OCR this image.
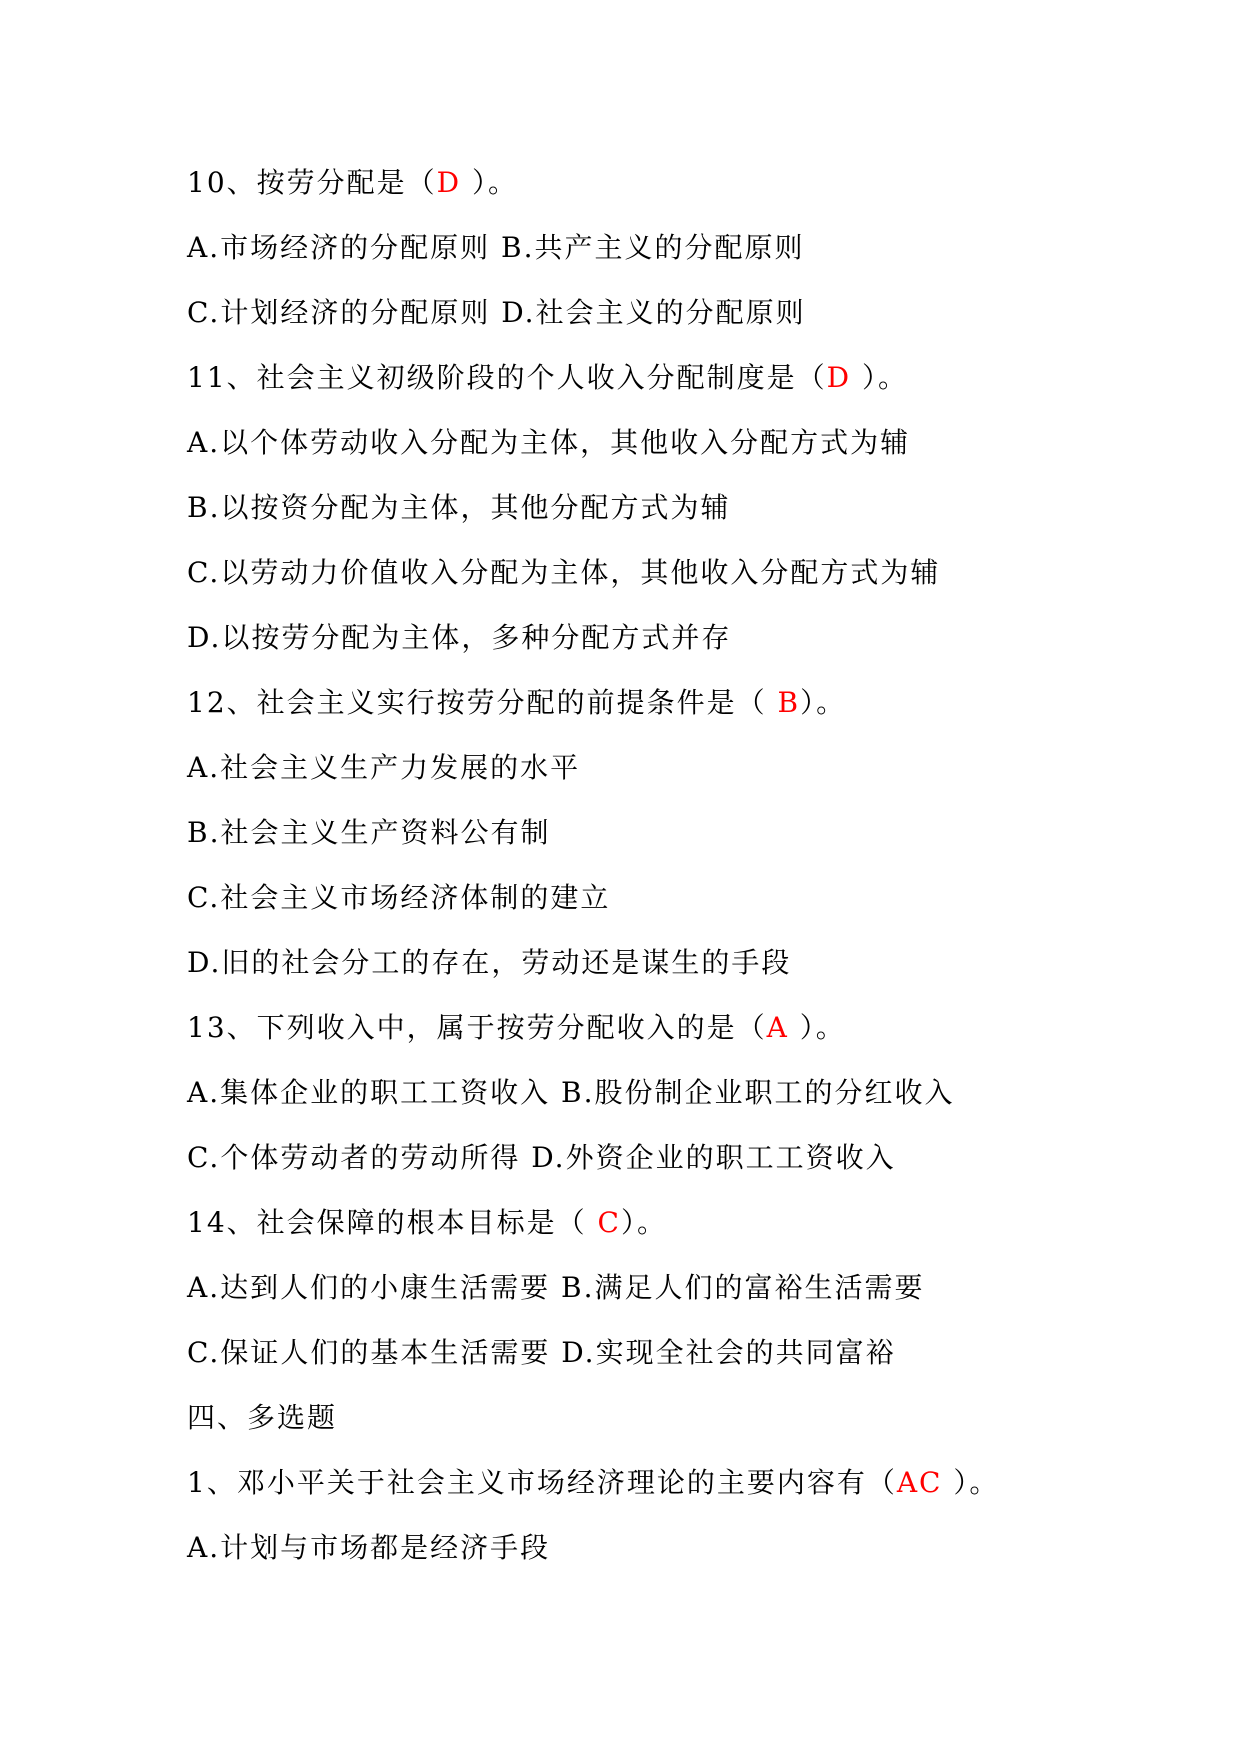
10、按劳分配是（D ）。
A.市场经济的分配原则 B.共产主义的分配原则
C.计划经济的分配原则 D.社会主义的分配原则
11、社会主义初级阶段的个人收入分配制度是（D ）。
A.以个体劳动收入分配为主体，其他收入分配方式为辅
B.以按资分配为主体，其他分配方式为辅
C.以劳动力价值收入分配为主体，其他收入分配方式为辅
D.以按劳分配为主体，多种分配方式并存
12、社会主义实行按劳分配的前提条件是（ B）。
A.社会主义生产力发展的水平
B.社会主义生产资料公有制
C.社会主义市场经济体制的建立
D.旧的社会分工的存在，劳动还是谋生的手段
13、下列收入中，属于按劳分配收入的是（A ）。
A.集体企业的职工工资收入 B.股份制企业职工的分红收入
C.个体劳动者的劳动所得 D.外资企业的职工工资收入
14、社会保障的根本目标是（ C）。
A.达到人们的小康生活需要 B.满足人们的富裕生活需要
C.保证人们的基本生活需要 D.实现全社会的共同富裕
四、多选题
1、邓小平关于社会主义市场经济理论的主要内容有（AC ）。
A.计划与市场都是经济手段
